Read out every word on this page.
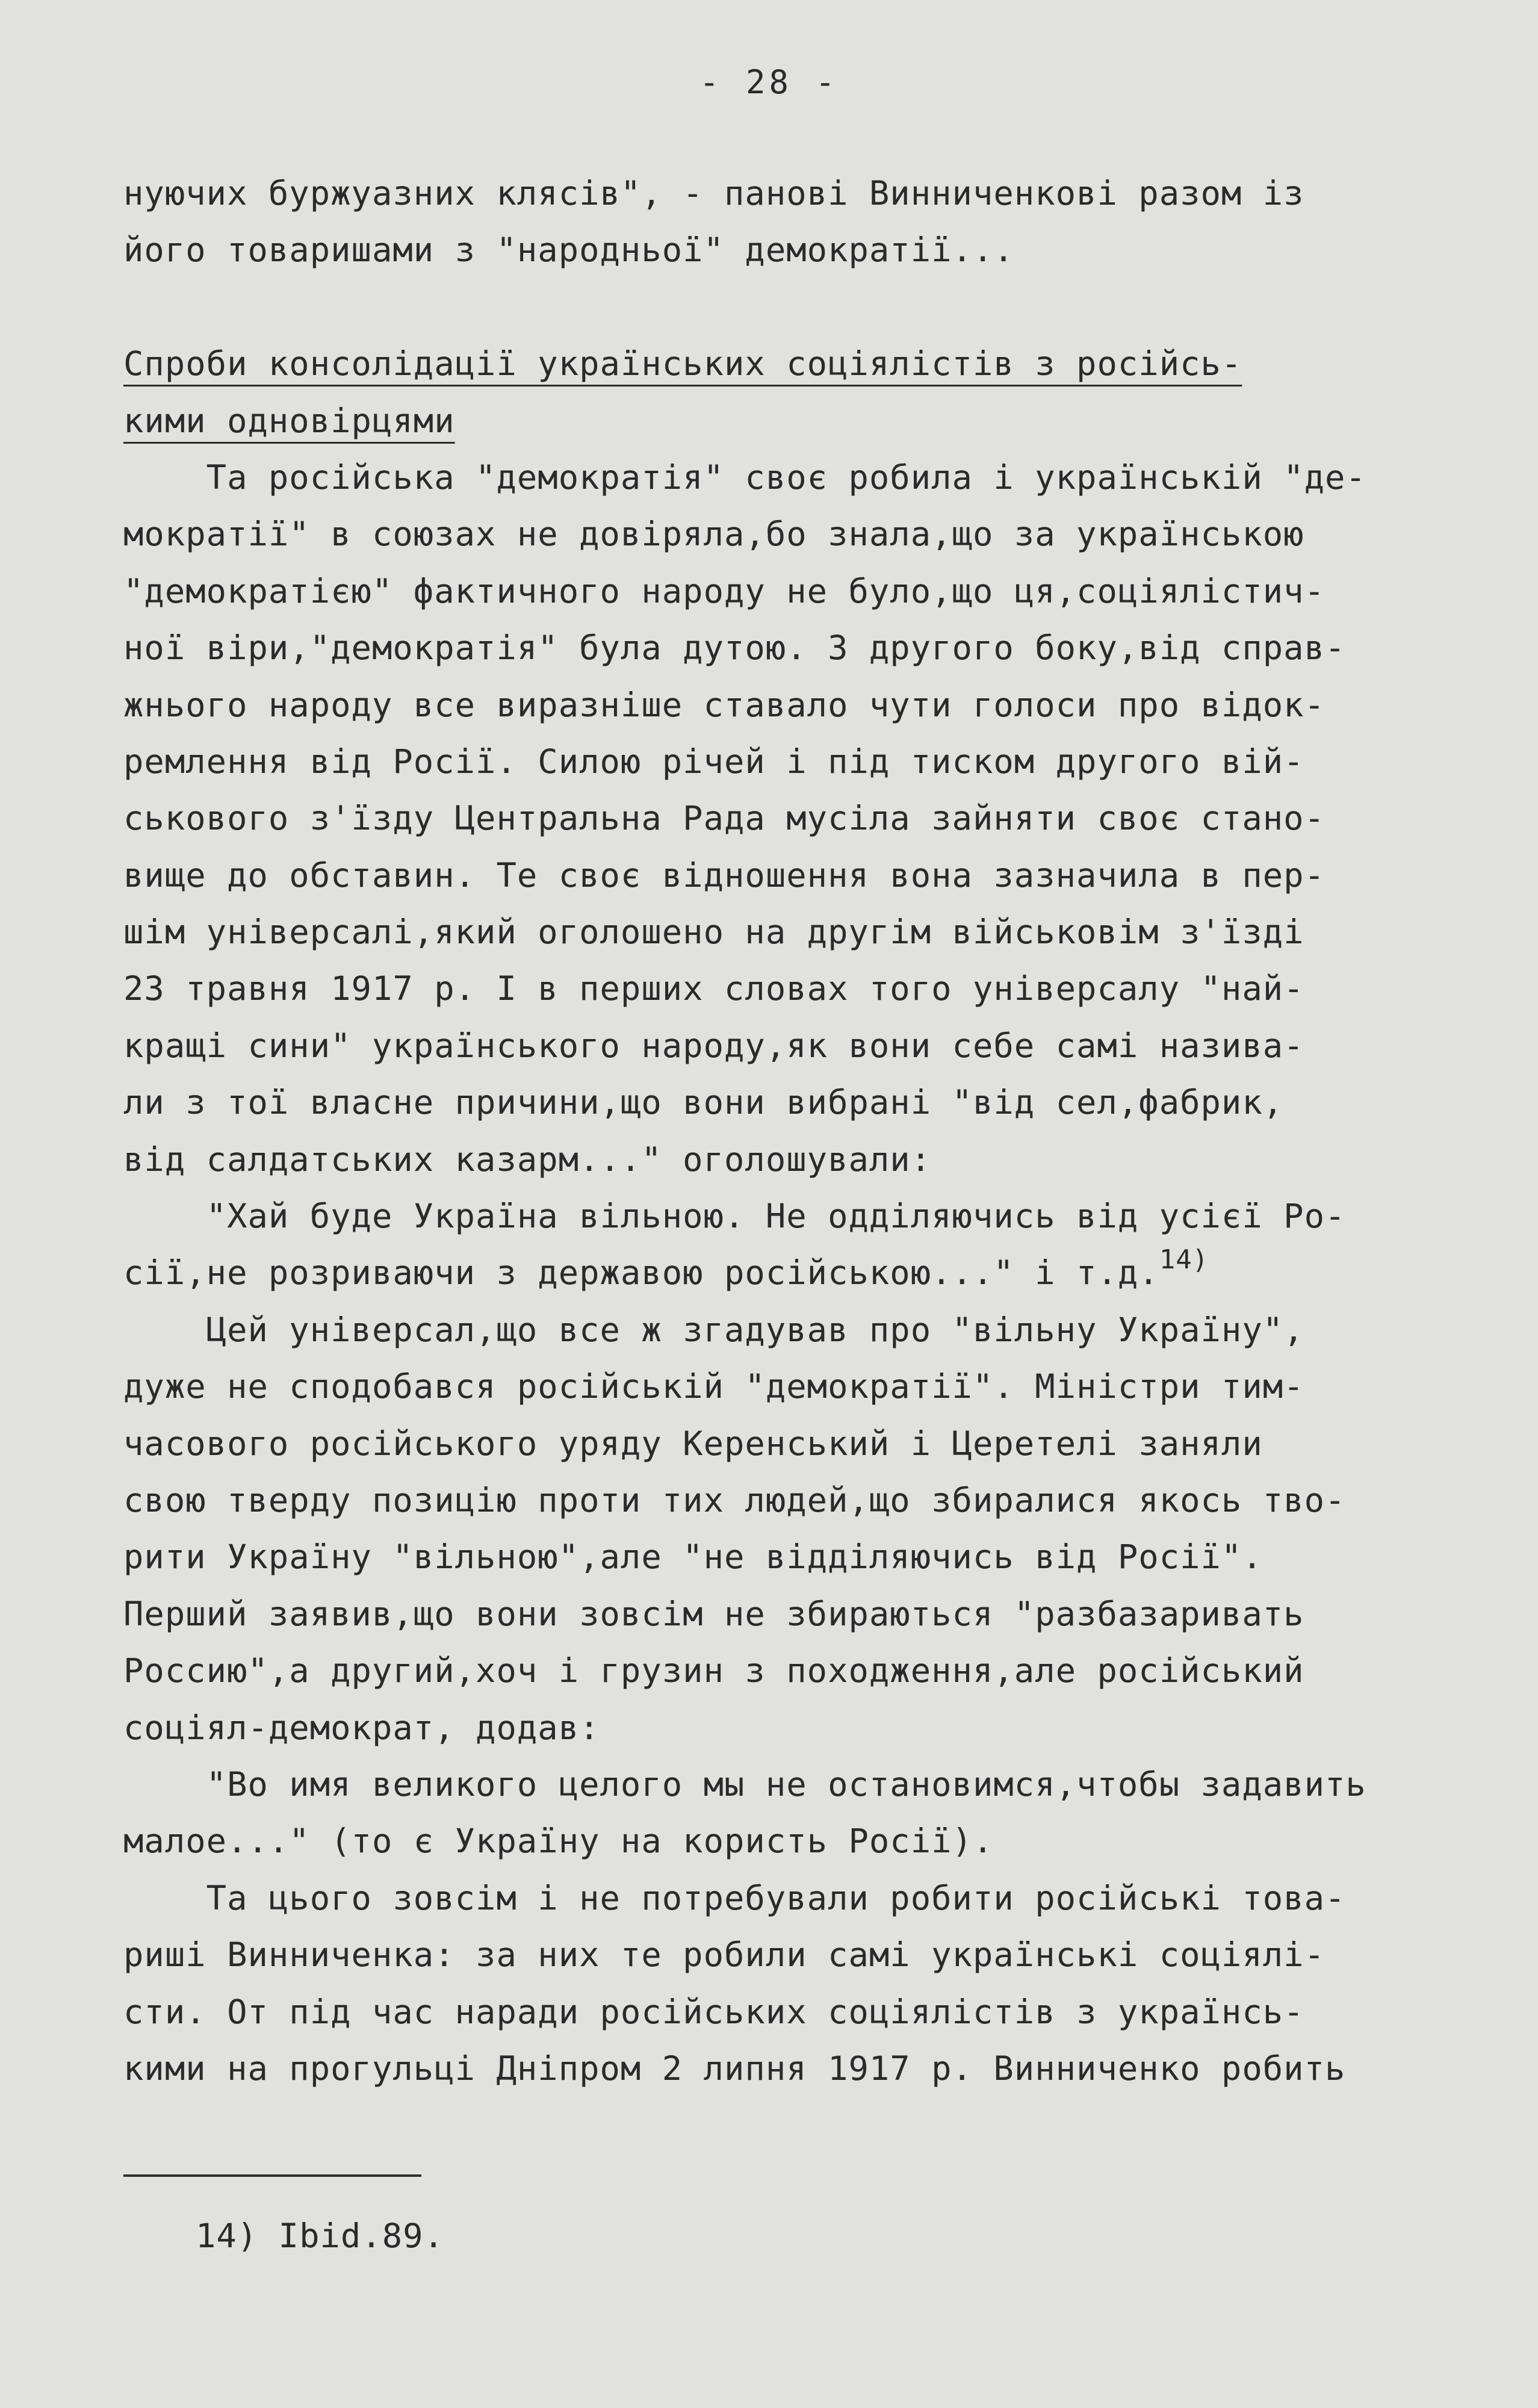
- 28 -
нуючих буржуазних клясів", - панові Винниченкові разом із
його товаришами з "народньої" демократії...
Спроби консолідації українських соціялістів з російсь-
кими одновірцями
Та російська "демократія" своє робила і українській "де-
мократії" в союзах не довіряла,бо знала,що за українською
"демократією" фактичного народу не було,що ця,соціялістич-
ної віри,"демократія" була дутою. З другого боку,від справ-
жнього народу все виразніше ставало чути голоси про відок-
ремлення від Росії. Силою річей і під тиском другого вій-
ськового з'їзду Центральна Рада мусіла зайняти своє стано-
вище до обставин. Те своє відношення вона зазначила в пер-
шім універсалі,який оголошено на другім військовім з'їзді
23 травня 1917 р. І в перших словах того універсалу "най-
кращі сини" українського народу,як вони себе самі назива-
ли з тої власне причини,що вони вибрані "від сел,фабрик,
від салдатських казарм..." оголошували:
"Хай буде Україна вільною. Не одділяючись від усієї Ро-
сії,не розриваючи з державою російською..." і т.д.$^{14)}$
Цей універсал,що все ж згадував про "вільну Україну",
дуже не сподобався російській "демократії". Міністри тим-
часового російського уряду Керенський і Церетелі заняли
свою тверду позицію проти тих людей,що збиралися якось тво-
рити Україну "вільною",але "не відділяючись від Росії".
Перший заявив,що вони зовсім не збираються "разбазаривать
Россию",а другий,хоч і грузин з походження,але російський
соціял-демократ, додав:
"Во имя великого целого мы не остановимся,чтобы задавить
малое..." (то є Україну на користь Росії).
Та цього зовсім і не потребували робити російські това-
риші Винниченка: за них те робили самі українські соціялі-
сти. От під час наради російських соціялістів з українсь-
кими на прогульці Дніпром 2 липня 1917 р. Винниченко робить
14) Ibid.89.
